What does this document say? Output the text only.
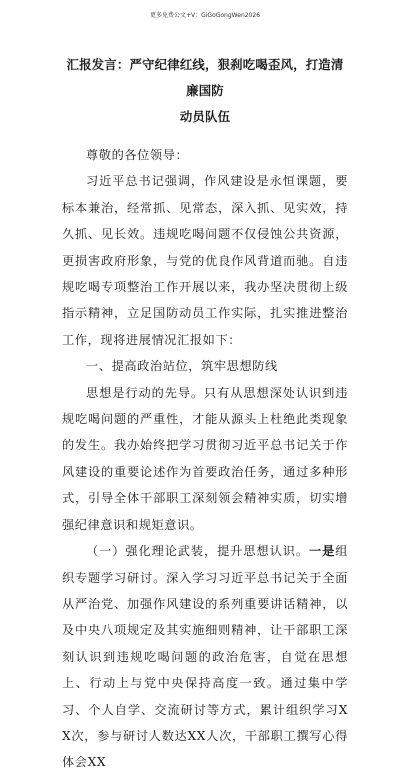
更多免费公文+V：GiGoGongWen2026

汇报发言：严守纪律红线，狠刹吃喝歪风，打造清廉国防

动员队伍

尊敬的各位领导：

习近平总书记强调，作风建设是永恒课题，要标本兼治，经常抓、见常态，深入抓、见实效，持久抓、见长效。违规吃喝问题不仅侵蚀公共资源，更损害政府形象，与党的优良作风背道而驰。自违规吃喝专项整治工作开展以来，我办坚决贯彻上级指示精神，立足国防动员工作实际，扎实推进整治工作，现将进展情况汇报如下：

一、提高政治站位，筑牢思想防线

思想是行动的先导。只有从思想深处认识到违规吃喝问题的严重性，才能从源头上杜绝此类现象的发生。我办始终把学习贯彻习近平总书记关于作风建设的重要论述作为首要政治任务，通过多种形式，引导全体干部职工深刻领会精神实质，切实增强纪律意识和规矩意识。

（一）强化理论武装，提升思想认识。一是组织专题学习研讨。深入学习习近平总书记关于全面从严治党、加强作风建设的系列重要讲话精神，以及中央八项规定及其实施细则精神，让干部职工深刻认识到违规吃喝问题的政治危害，自觉在思想上、行动上与党中央保持高度一致。通过集中学习、个人自学、交流研讨等方式，累计组织学习XX次，参与研讨人数达XX人次，干部职工撰写心得体会XX
